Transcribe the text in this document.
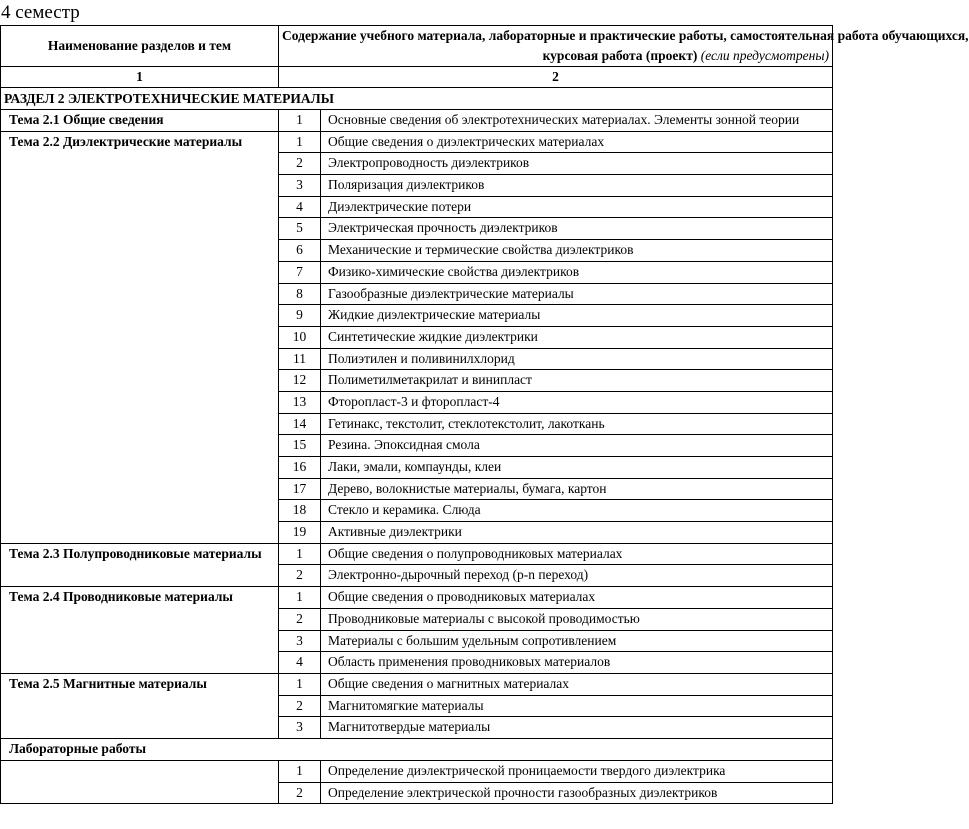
4 семестр
Наименование разделов и тем	Содержание учебного материала, лабораторные и практические работы, самостоятельная работа обучающихся,
курсовая работа (проект) (если предусмотрены)	

1	2	
РАЗДЕЛ 2 ЭЛЕКТРОТЕХНИЧЕСКИЕ МАТЕРИАЛЫ		
Тема 2.1 Общие сведения	1	Основные сведения об электротехнических материалах. Элементы зонной теории
Тема 2.2 Диэлектрические материалы	1	Общие сведения о диэлектрических материалах
	2	Электропроводность диэлектриков
	3	Поляризация диэлектриков
	4	Диэлектрические потери
	5	Электрическая прочность диэлектриков
	6	Механические и термические свойства диэлектриков
	7	Физико-химические свойства диэлектриков
	8	Газообразные диэлектрические материалы
	9	Жидкие диэлектрические материалы
	10	Синтетические жидкие диэлектрики
	11	Полиэтилен и поливинилхлорид
	12	Полиметилметакрилат и винипласт
	13	Фторопласт-3 и фторопласт-4
	14	Гетинакс, текстолит, стеклотекстолит, лакоткань
	15	Резина. Эпоксидная смола
	16	Лаки, эмали, компаунды, клеи
	17	Дерево, волокнистые материалы, бумага, картон
	18	Стекло и керамика. Слюда
	19	Активные диэлектрики
Тема 2.3 Полупроводниковые материалы	1	Общие сведения о полупроводниковых материалах
	2	Электронно-дырочный переход (p-n переход)
Тема 2.4 Проводниковые материалы	1	Общие сведения о проводниковых материалах
	2	Проводниковые материалы с высокой проводимостью
	3	Материалы с большим удельным сопротивлением
	4	Область применения проводниковых материалов
Тема 2.5 Магнитные материалы	1	Общие сведения о магнитных материалах
	2	Магнитомягкие материалы
	3	Магнитотвердые материалы
Лабораторные работы		
	1	Определение диэлектрической проницаемости твердого диэлектрика
	2	Определение электрической прочности газообразных диэлектриков
